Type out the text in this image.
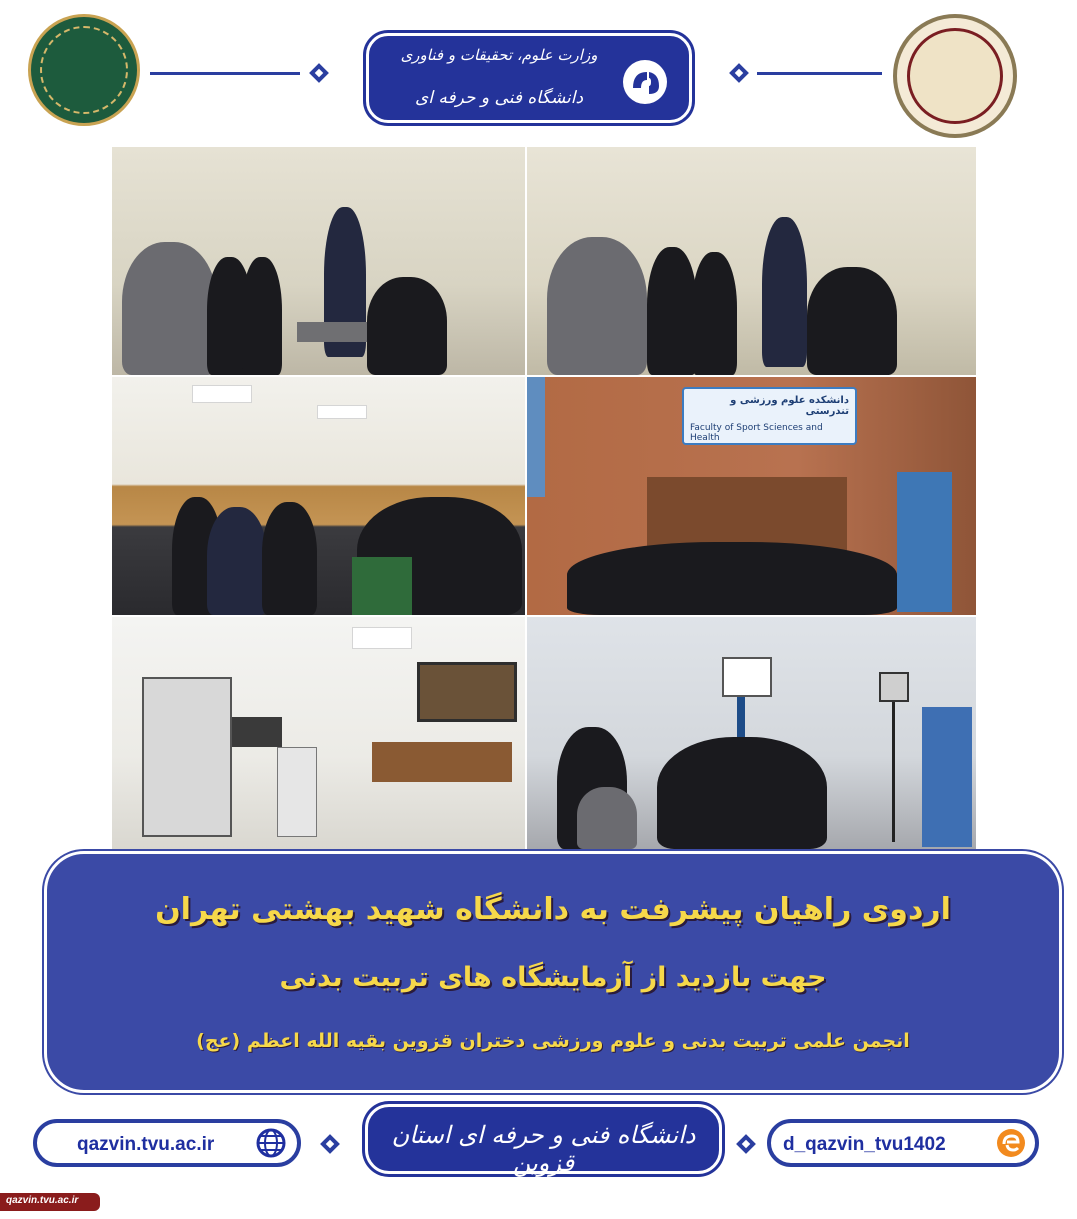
وزارت علوم، تحقیقات و فناوری
دانشگاه فنی و حرفه ای
دانشکده علوم ورزشی و تندرستی
Faculty of Sport Sciences and Health
اردوی راهیان پیشرفت به دانشگاه شهید بهشتی تهران
جهت بازدید از آزمایشگاه های تربیت بدنی
انجمن علمی تربیت بدنی و علوم ورزشی دختران قزوین بقیه الله اعظم (عج)
qazvin.tvu.ac.ir	دانشگاه فنی و حرفه ای استان قزوین
d_qazvin_tvu1402
qazvin.tvu.ac.ir
